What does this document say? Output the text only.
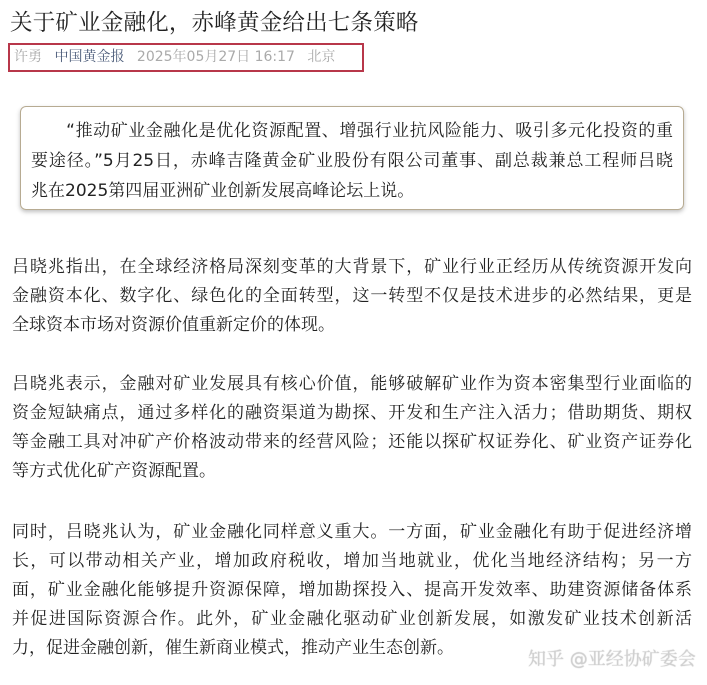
关于矿业金融化，赤峰黄金给出七条策略
许勇 中国黄金报 2025年05月27日 16:17 北京
　　“推动矿业金融化是优化资源配置、增强行业抗风险能力、吸引多元化投资的重
要途径。”5月25日，赤峰吉隆黄金矿业股份有限公司董事、副总裁兼总工程师吕晓
兆在2025第四届亚洲矿业创新发展高峰论坛上说。
吕晓兆指出，在全球经济格局深刻变革的大背景下，矿业行业正经历从传统资源开发向
金融资本化、数字化、绿色化的全面转型，这一转型不仅是技术进步的必然结果，更是
全球资本市场对资源价值重新定价的体现。
吕晓兆表示，金融对矿业发展具有核心价值，能够破解矿业作为资本密集型行业面临的
资金短缺痛点，通过多样化的融资渠道为勘探、开发和生产注入活力；借助期货、期权
等金融工具对冲矿产价格波动带来的经营风险；还能以探矿权证券化、矿业资产证券化
等方式优化矿产资源配置。
同时，吕晓兆认为，矿业金融化同样意义重大。一方面，矿业金融化有助于促进经济增
长，可以带动相关产业，增加政府税收，增加当地就业，优化当地经济结构；另一方
面，矿业金融化能够提升资源保障，增加勘探投入、提高开发效率、助建资源储备体系
并促进国际资源合作。此外，矿业金融化驱动矿业创新发展，如激发矿业技术创新活
力，促进金融创新，催生新商业模式，推动产业生态创新。
知乎 @亚经协矿委会
